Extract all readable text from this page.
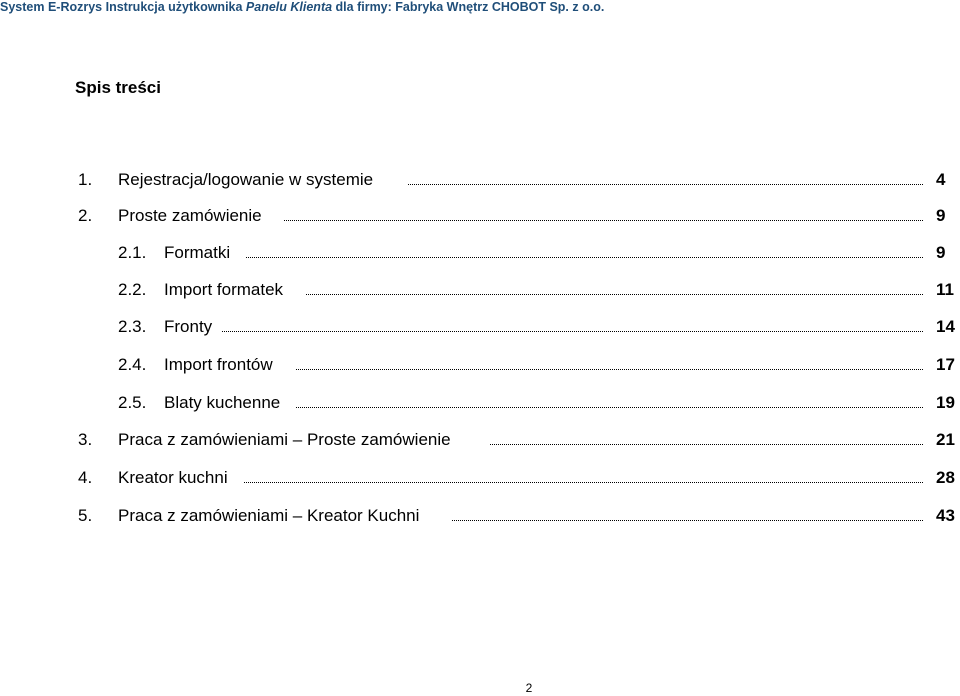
System E-Rozrys Instrukcja użytkownika Panelu Klienta dla firmy: Fabryka Wnętrz CHOBOT Sp. z o.o.
Spis treści
1. Rejestracja/logowanie w systemie	4
2. Proste zamówienie	9
2.1. Formatki	9
2.2. Import formatek	11
2.3. Fronty	14
2.4. Import frontów	17
2.5. Blaty kuchenne	19
3. Praca z zamówieniami – Proste zamówienie	21
4. Kreator kuchni	28
5. Praca z zamówieniami – Kreator Kuchni	43
2
